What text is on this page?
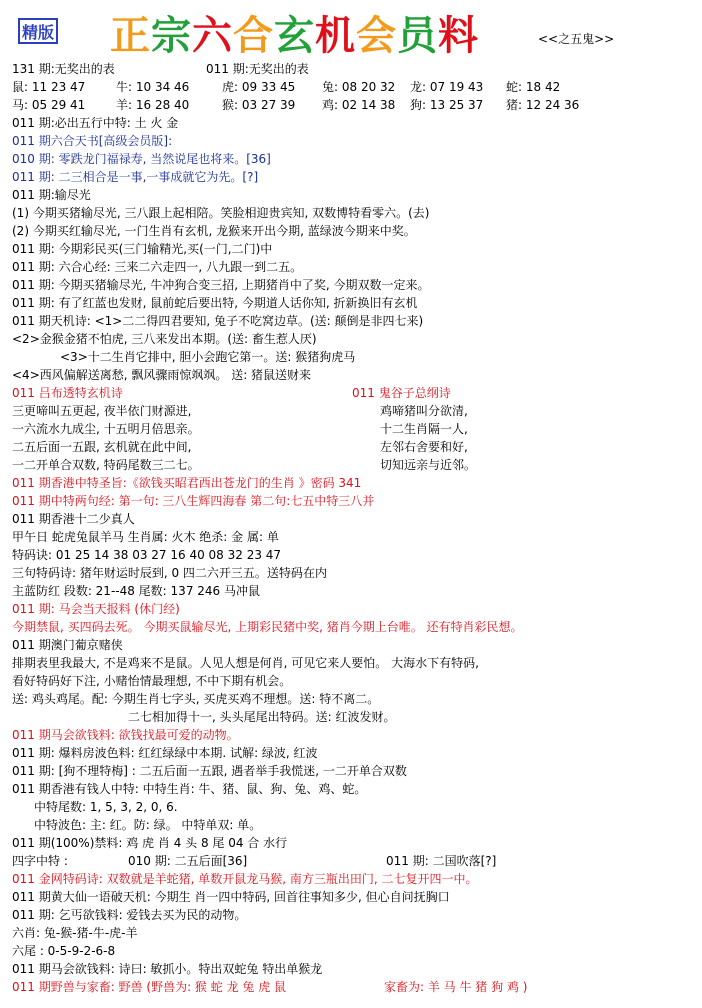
精版 正宗六合玄机会员料	<<之五鬼>>
131 期:无奖出的表	011 期:无奖出的表
鼠: 11 23 47	牛: 10 34 46	虎: 09 33 45 兔: 08 20 32 龙: 07 19 43 蛇: 18 42
马: 05 29 41	羊: 16 28 40	猴: 03 27 39 鸡: 02 14 38 狗: 13 25 37 猪: 12 24 36
011 期:必出五行中特: 土 火 金
011 期六合天书[高级会员版]:
010 期: 零跌龙门福禄寿, 当然说尾也将来。[36]
011 期: 二三相合是一事,一事成就它为先。[?]
011 期:输尽光
(1) 今期买猪输尽光, 三八跟上起相陪。笑脸相迎贵宾知, 双数博特看零六。(去)
(2) 今期买红输尽光, 一门生肖有玄机, 龙猴来开出今期, 蓝绿波今期来中奖。
011 期: 今期彩民买(三门输精光,买(一门,二门)中
011 期: 六合心经: 三来二六走四一, 八九跟一到二五。
011 期: 今期买猪输尽光, 牛冲狗合变三招, 上期猪肖中了奖, 今期双数一定来。
011 期: 有了红蓝也发财, 鼠前蛇后要出特, 今期道人话你知, 折新换旧有玄机
011 期天机诗: <1>二二得四君要知, 兔子不吃窝边草。(送: 颠倒是非四七来)
<2>金猴金猪不怕虎, 三八来发出本期。(送: 畜生惹人厌)
<3>十二生肖它排中, 胆小会跑它第一。送: 猴猪狗虎马
<4>西风偏解送离愁, 飘风骤雨惊飒飒。 送: 猪鼠送财来
011 吕布透特玄机诗	011 鬼谷子总纲诗
三更啼叫五更起, 夜半依门财源进,	鸡啼猪叫分欲清,
一六流水九成尘, 十五明月倍思亲。	十二生肖隔一人,
二五后面一五跟, 玄机就在此中间,	左邻右舍要和好,
一二开单合双数, 特码尾数三二七。	切知远亲与近邻。
011 期香港中特圣旨:《欲钱买昭君西出苍龙门的生肖 》密码 341
011 期中特两句经: 第一句: 三八生辉四海春 第二句:七五中特三八并
011 期香港十二少真人
甲午日 蛇虎兔鼠羊马 生肖属: 火木 绝杀: 金 属: 单
特码诀: 01 25 14 38 03 27 16 40 08 32 23 47
三句特码诗: 猪年财运时辰到, 0 四二六开三五。送特码在内
主蓝防红 段数: 21--48 尾数: 137 246 马冲鼠
011 期: 马会当天报料 (休门经)
今期禁鼠, 买四码去死。 今期买鼠输尽光, 上期彩民猪中奖, 猪肖今期上台唯。 还有特肖彩民想。
011 期澳门葡京赌侠
排期表里我最大, 不是鸡来不是鼠。人见人想是何肖, 可见它来人要怕。 大海水下有特码,
看好特码好下注, 小赌怡情最理想, 不中下期有机会。
送: 鸡头鸡尾。配: 今期生肖七字头, 买虎买鸡不理想。送: 特不离二。
二七相加得十一, 头头尾尾出特码。送: 红波发财。
011 期马会欲钱料: 欲钱找最可爱的动物。
011 期: 爆料房波色料: 红红绿绿中本期. 试解: 绿波, 红波
011 期: [狗不理特梅] : 二五后面一五跟, 遇者举手我慌迷, 一二开单合双数
011 期香港有钱人中特: 中特生肖: 牛、猪、鼠、狗、兔、鸡、蛇。
中特尾数: 1, 5, 3, 2, 0, 6.
中特波色: 主: 红。防: 绿。 中特单双: 单。
011 期(100%)禁料: 鸡 虎 肖 4 头 8 尾 04 合 水行
四字中特 :	010 期: 二五后面[36]	011 期: 二国吹落[?]
011 金网特码诗: 双数就是羊蛇猪, 单数开鼠龙马猴, 南方三瓶出田门, 二七复开四一中。
011 期黄大仙一语破天机: 今期生 肖一四中特码, 回首往事知多少, 但心自问抚胸口
011 期: 乞丐欲钱料: 爱钱去买为民的动物。
六肖: 兔-猴-猪-牛-虎-羊
六尾 : 0-5-9-2-6-8
011 期马会欲钱料: 诗曰: 敏抓小。特出双蛇兔 特出单猴龙
011 期野兽与家畜: 野兽 (野兽为: 猴 蛇 龙 兔 虎 鼠	家畜为: 羊 马 牛 猪 狗 鸡 )
